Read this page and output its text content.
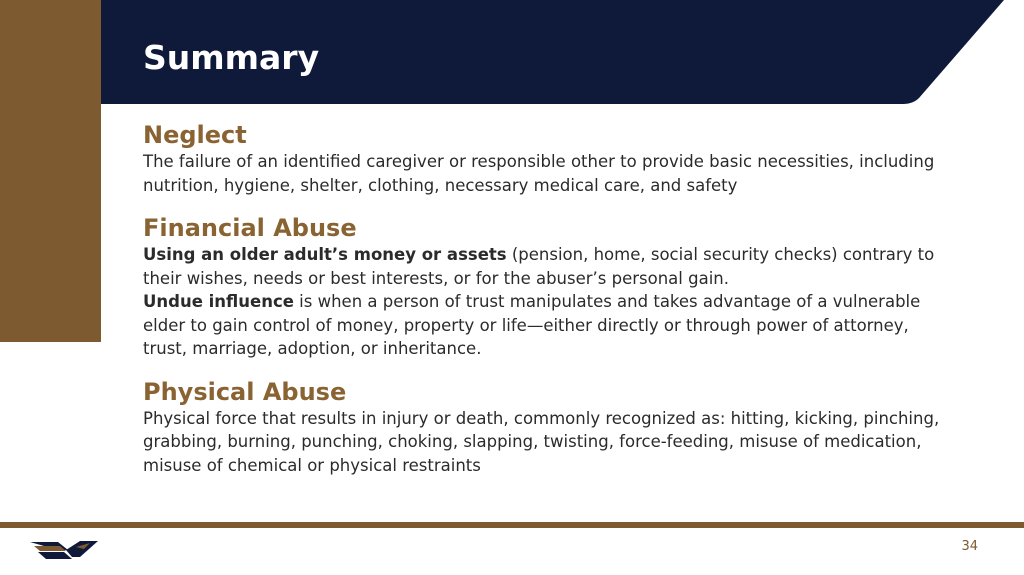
Summary

Neglect

The failure of an identified caregiver or responsible other to provide basic necessities, including nutrition, hygiene, shelter, clothing, necessary medical care, and safety

Financial Abuse

Using an older adult’s money or assets (pension, home, social security checks) contrary to their wishes, needs or best interests, or for the abuser’s personal gain.
Undue influence is when a person of trust manipulates and takes advantage of a vulnerable elder to gain control of money, property or life—either directly or through power of attorney, trust, marriage, adoption, or inheritance.

Physical Abuse

Physical force that results in injury or death, commonly recognized as: hitting, kicking, pinching, grabbing, burning, punching, choking, slapping, twisting, force-feeding, misuse of medication, misuse of chemical or physical restraints

34
